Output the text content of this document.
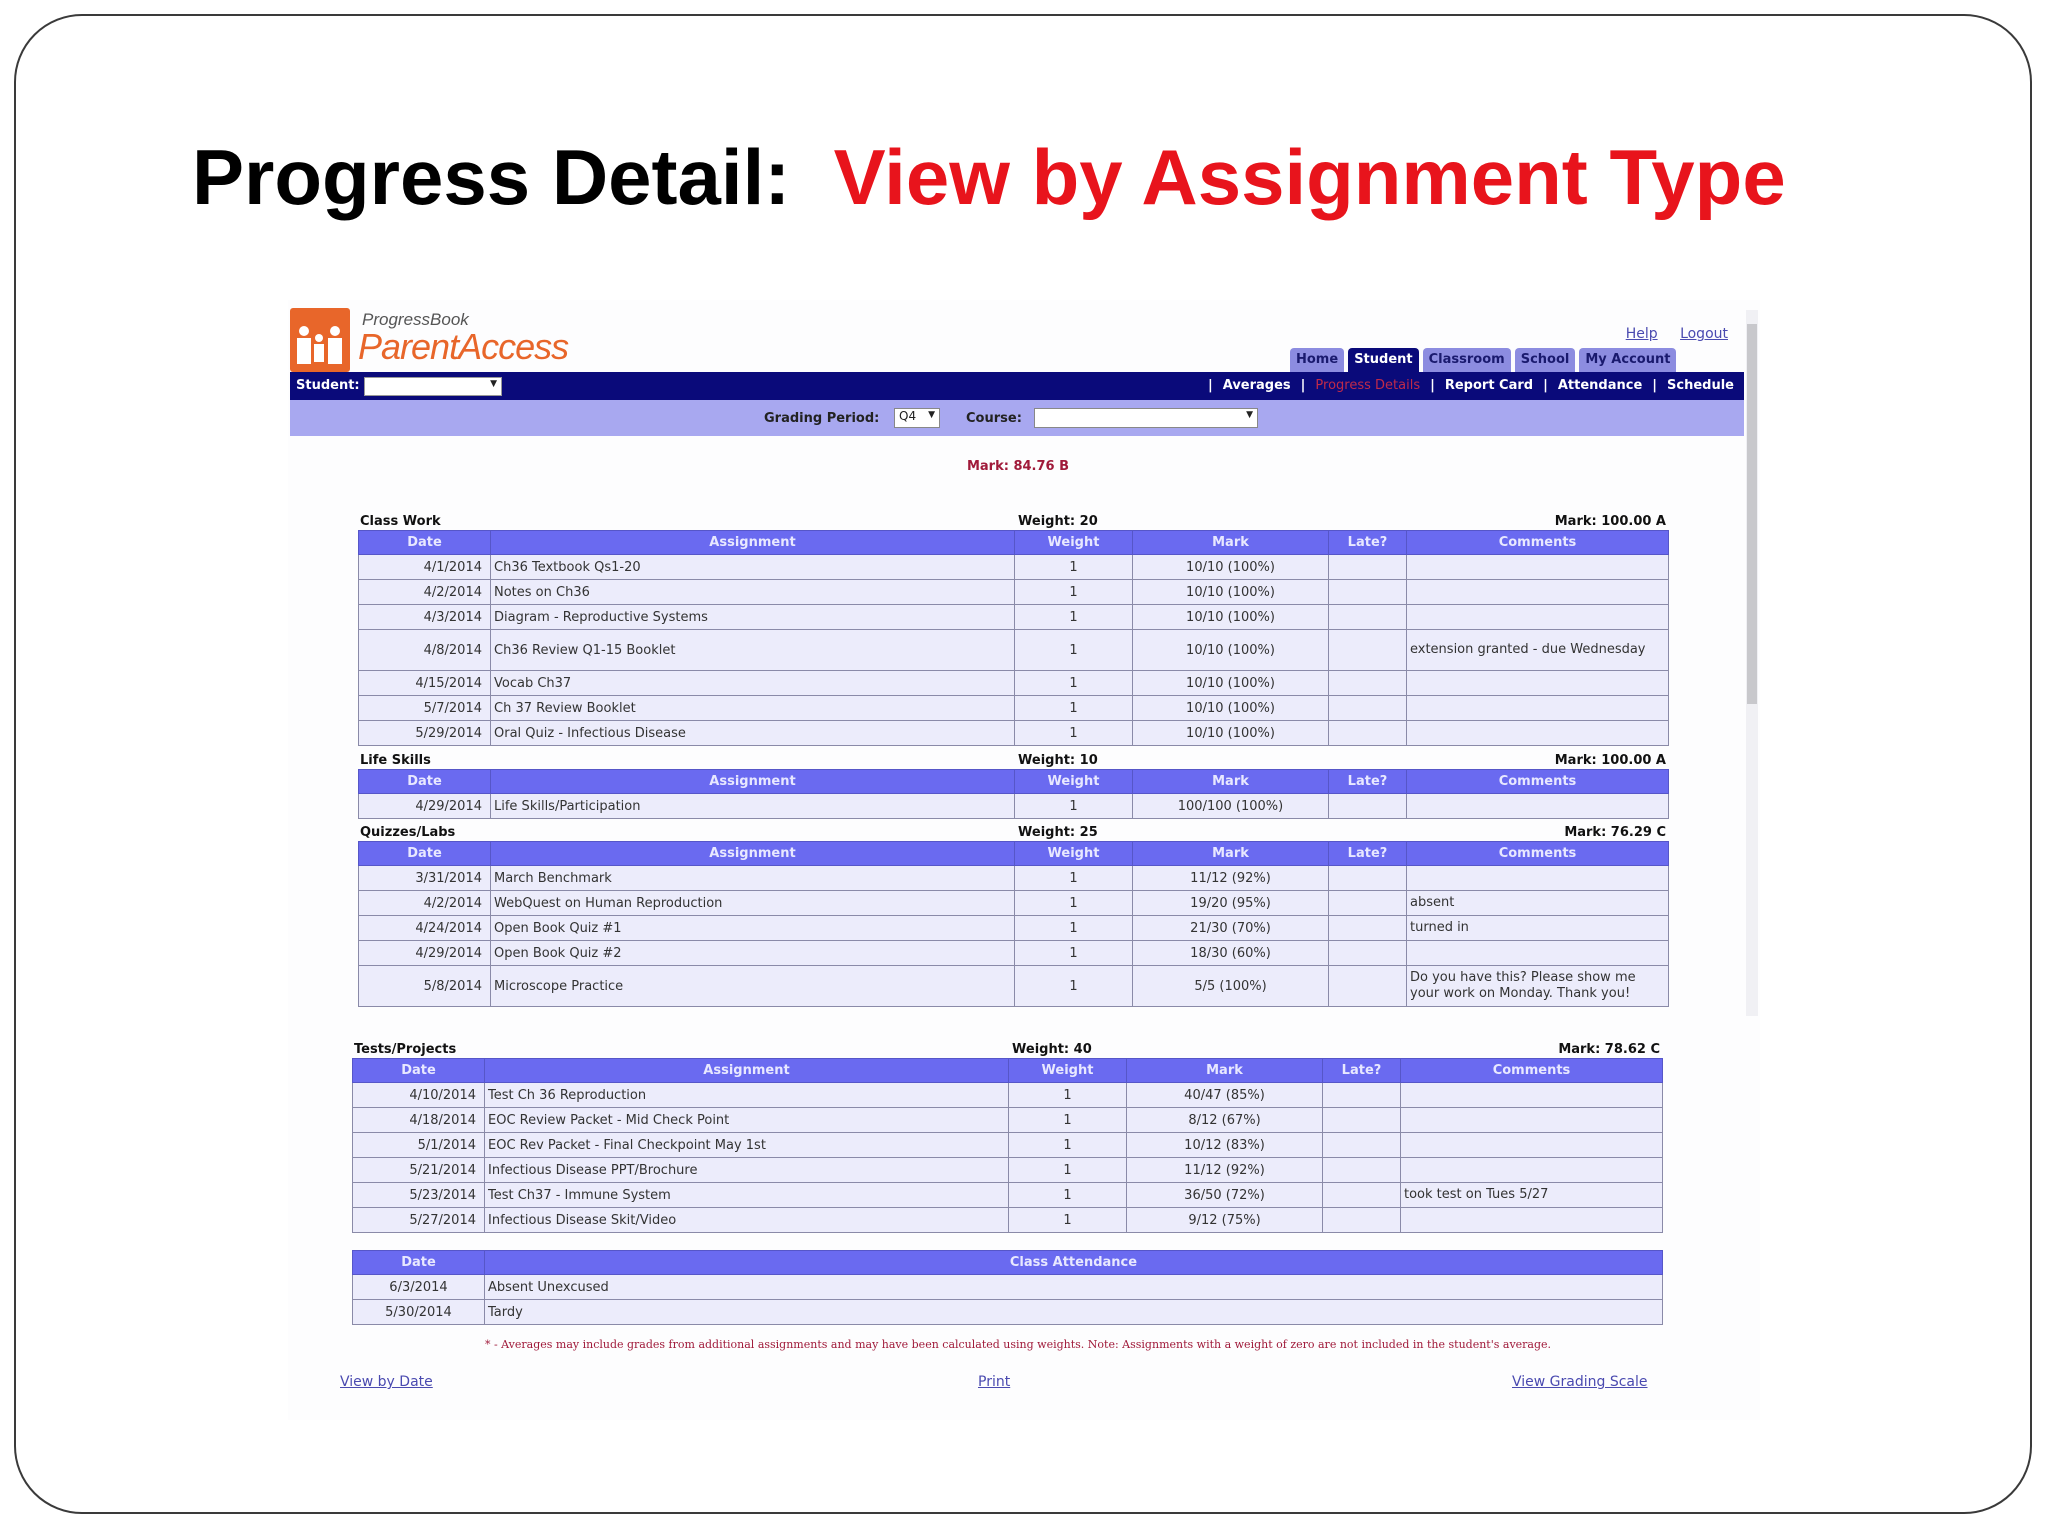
Progress Detail: View by Assignment Type
ProgressBook
ParentAccess	Help Logout
Home	Student	Classroom	School	My Account
Student:	▼	| Averages | Progress Details | Report Card | Attendance | Schedule
Grading Period:	Q4 ▼ Course:	▼
Mark: 84.76 B
Class Work	Weight: 20	Mark: 100.00 A
Date	Assignment	Weight	Mark	Late?	Comments
4/1/2014	Ch36 Textbook Qs1-20	1	10/10 (100%)		
4/2/2014	Notes on Ch36	1	10/10 (100%)		
4/3/2014	Diagram - Reproductive Systems	1	10/10 (100%)		
4/8/2014	Ch36 Review Q1-15 Booklet	1	10/10 (100%)		extension granted - due Wednesday
4/15/2014	Vocab Ch37	1	10/10 (100%)		
5/7/2014	Ch 37 Review Booklet	1	10/10 (100%)		
5/29/2014	Oral Quiz - Infectious Disease	1	10/10 (100%)		
Life Skills	Weight: 10	Mark: 100.00 A
Date	Assignment	Weight	Mark	Late?	Comments
4/29/2014	Life Skills/Participation	1	100/100 (100%)		
Quizzes/Labs	Weight: 25	Mark: 76.29 C
Date	Assignment	Weight	Mark	Late?	Comments
3/31/2014	March Benchmark	1	11/12 (92%)		
4/2/2014	WebQuest on Human Reproduction	1	19/20 (95%)		absent
4/24/2014	Open Book Quiz #1	1	21/30 (70%)		turned in
4/29/2014	Open Book Quiz #2	1	18/30 (60%)		
5/8/2014	Microscope Practice	1	5/5 (100%)		Do you have this? Please show me your work on Monday. Thank you!
Tests/Projects	Weight: 40	Mark: 78.62 C
Date	Assignment	Weight	Mark	Late?	Comments
4/10/2014	Test Ch 36 Reproduction	1	40/47 (85%)		
4/18/2014	EOC Review Packet - Mid Check Point	1	8/12 (67%)		
5/1/2014	EOC Rev Packet - Final Checkpoint May 1st	1	10/12 (83%)		
5/21/2014	Infectious Disease PPT/Brochure	1	11/12 (92%)		
5/23/2014	Test Ch37 - Immune System	1	36/50 (72%)		took test on Tues 5/27
5/27/2014	Infectious Disease Skit/Video	1	9/12 (75%)		
Date	Class Attendance
6/3/2014	Absent Unexcused
5/30/2014	Tardy
* - Averages may include grades from additional assignments and may have been calculated using weights. Note: Assignments with a weight of zero are not included in the student's average.
View by Date	Print	View Grading Scale
